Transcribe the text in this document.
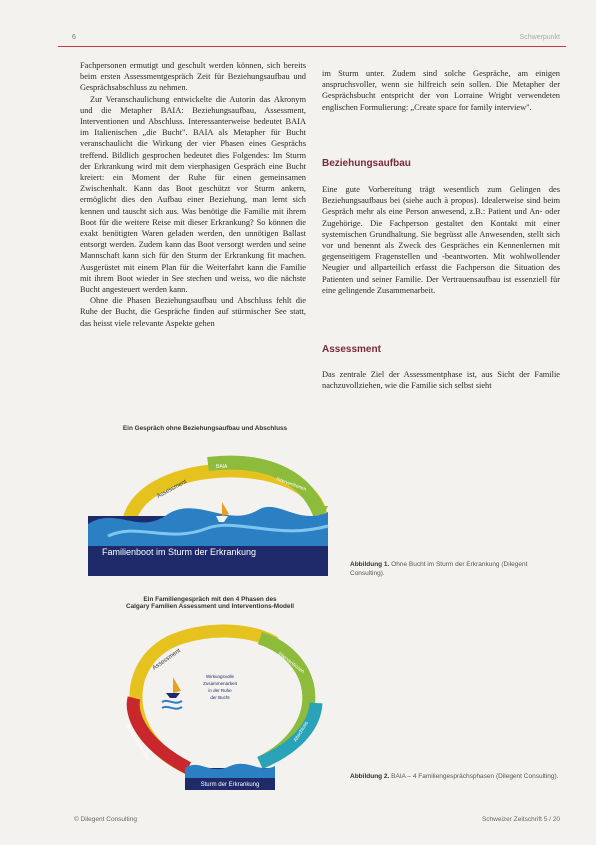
6	Schwerpunkt

Fachpersonen ermutigt und geschult werden können, sich bereits beim ersten Assessmentgespräch Zeit für Beziehungsaufbau und Gesprächsabschluss zu nehmen.

Zur Veranschaulichung entwickelte die Autorin das Akronym und die Metapher BAIA: Beziehungsaufbau, Assessment, Interventionen und Abschluss. Interessanterweise bedeutet BAIA im Italienischen „die Bucht". BAIA als Metapher für Bucht veranschaulicht die Wirkung der vier Phasen eines Gesprächs treffend. Bildlich gesprochen bedeutet dies Folgendes: Im Sturm der Erkrankung wird mit dem vierphasigen Gespräch eine Bucht kreiert: ein Moment der Ruhe für einen gemeinsamen Zwischenhalt. Kann das Boot geschützt vor Sturm ankern, ermöglicht dies den Aufbau einer Beziehung, man lernt sich kennen und tauscht sich aus. Was benötige die Familie mit ihrem Boot für die weitere Reise mit dieser Erkrankung? So können die exakt benötigten Waren geladen werden, den unnötigen Ballast entsorgt werden. Zudem kann das Boot versorgt werden und seine Mannschaft kann sich für den Sturm der Erkrankung fit machen. Ausgerüstet mit einem Plan für die Weiterfahrt kann die Familie mit ihrem Boot wieder in See stechen und weiss, wo die nächste Bucht angesteuert werden kann.

Ohne die Phasen Beziehungsaufbau und Abschluss fehlt die Ruhe der Bucht, die Gespräche finden auf stürmischer See statt, das heisst viele relevante Aspekte gehen

im Sturm unter. Zudem sind solche Gespräche, am einigen anspruchsvoller, wenn sie hilfreich sein sollen. Die Metapher der Gesprächsbucht entspricht der von Lorraine Wright verwendeten englischen Formulierung: „Create space for family interview".

Beziehungsaufbau

Eine gute Vorbereitung trägt wesentlich zum Gelingen des Beziehungsaufbaus bei (siehe auch à propos). Idealerweise sind beim Gespräch mehr als eine Person anwesend, z.B.: Patient und An- oder Zugehörige. Die Fachperson gestaltet den Kontakt mit einer systemischen Grundhaltung. Sie begrüsst alle Anwesenden, stellt sich vor und benennt als Zweck des Gespräches ein Kennenlernen mit gegenseitigem Fragenstellen und -beantworten. Mit wohlwollender Neugier und allparteilich erfasst die Fachperson die Situation des Patienten und seiner Familie. Der Vertrauensaufbau ist essenziell für eine gelingende Zusammenarbeit.

Assessment

Das zentrale Ziel der Assessmentphase ist, aus Sicht der Familie nachzuvollziehen, wie die Familie sich selbst sieht

Ein Gespräch ohne Beziehungsaufbau und Abschluss
Assessment
BAIA
Interventionen
Familienboot im Sturm der Erkrankung
Abbildung 1. Ohne Bucht im Sturm der Erkrankung (Dilegent Consulting).
Ein Familiengespräch mit den 4 Phasen des
Calgary Familien Assessment und Interventions-Modell
Assessment	Interventionen
Beziehungsaufbau	Abschluss
Wirkungsvolle
Zusammenarbeit
in der Ruhe
der Bucht
Sturm der Erkrankung
Abbildung 2. BAIA – 4 Familiengesprächsphasen (Dilegent Consulting).
© Dilegent Consulting	Schweizer Zeitschrift 5 / 20
